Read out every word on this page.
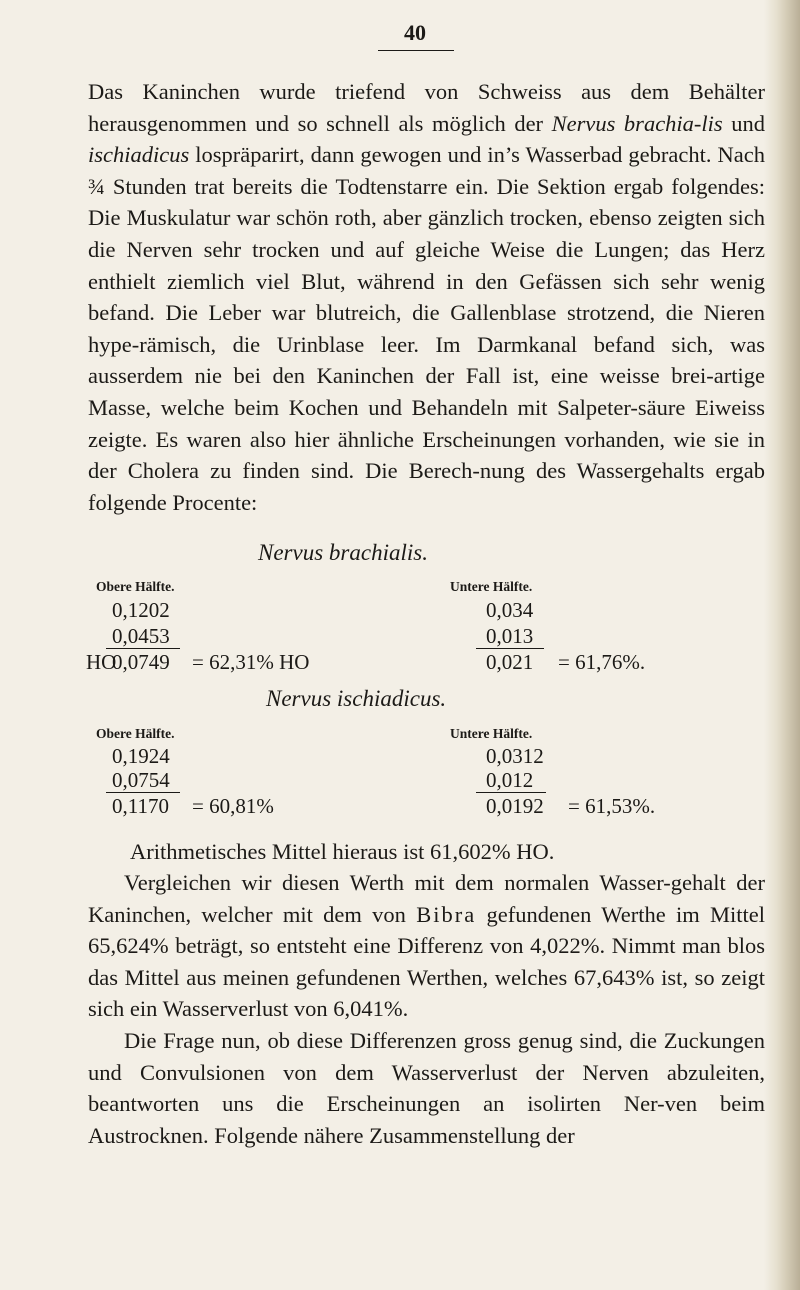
40
Das Kaninchen wurde triefend von Schweiss aus dem Behälter herausgenommen und so schnell als möglich der Nervus brachia-lis und ischiadicus lospräparirt, dann gewogen und in’s Wasserbad gebracht. Nach ¾ Stunden trat bereits die Todtenstarre ein. Die Sektion ergab folgendes: Die Muskulatur war schön roth, aber gänzlich trocken, ebenso zeigten sich die Nerven sehr trocken und auf gleiche Weise die Lungen; das Herz enthielt ziemlich viel Blut, während in den Gefässen sich sehr wenig befand. Die Leber war blutreich, die Gallenblase strotzend, die Nieren hype-rämisch, die Urinblase leer. Im Darmkanal befand sich, was ausserdem nie bei den Kaninchen der Fall ist, eine weisse brei-artige Masse, welche beim Kochen und Behandeln mit Salpeter-säure Eiweiss zeigte. Es waren also hier ähnliche Erscheinungen vorhanden, wie sie in der Cholera zu finden sind. Die Berech-nung des Wassergehalts ergab folgende Procente:
Nervus brachialis.
Obere Hälfte.	Untere Hälfte.
0,1202	0,034
0,0453	0,013
HO
0,0749 = 62,31% HO	0,021 = 61,76%.
Nervus ischiadicus.
Obere Hälfte.	Untere Hälfte.
0,1924	0,0312
0,0754	0,012
0,1170 = 60,81%	0,0192 = 61,53%.
Arithmetisches Mittel hieraus ist 61,602% HO.
Vergleichen wir diesen Werth mit dem normalen Wasser-gehalt der Kaninchen, welcher mit dem von Bibra gefundenen Werthe im Mittel 65,624% beträgt, so entsteht eine Differenz von 4,022%. Nimmt man blos das Mittel aus meinen gefundenen Werthen, welches 67,643% ist, so zeigt sich ein Wasserverlust von 6,041%.
Die Frage nun, ob diese Differenzen gross genug sind, die Zuckungen und Convulsionen von dem Wasserverlust der Nerven abzuleiten, beantworten uns die Erscheinungen an isolirten Ner-ven beim Austrocknen. Folgende nähere Zusammenstellung der
